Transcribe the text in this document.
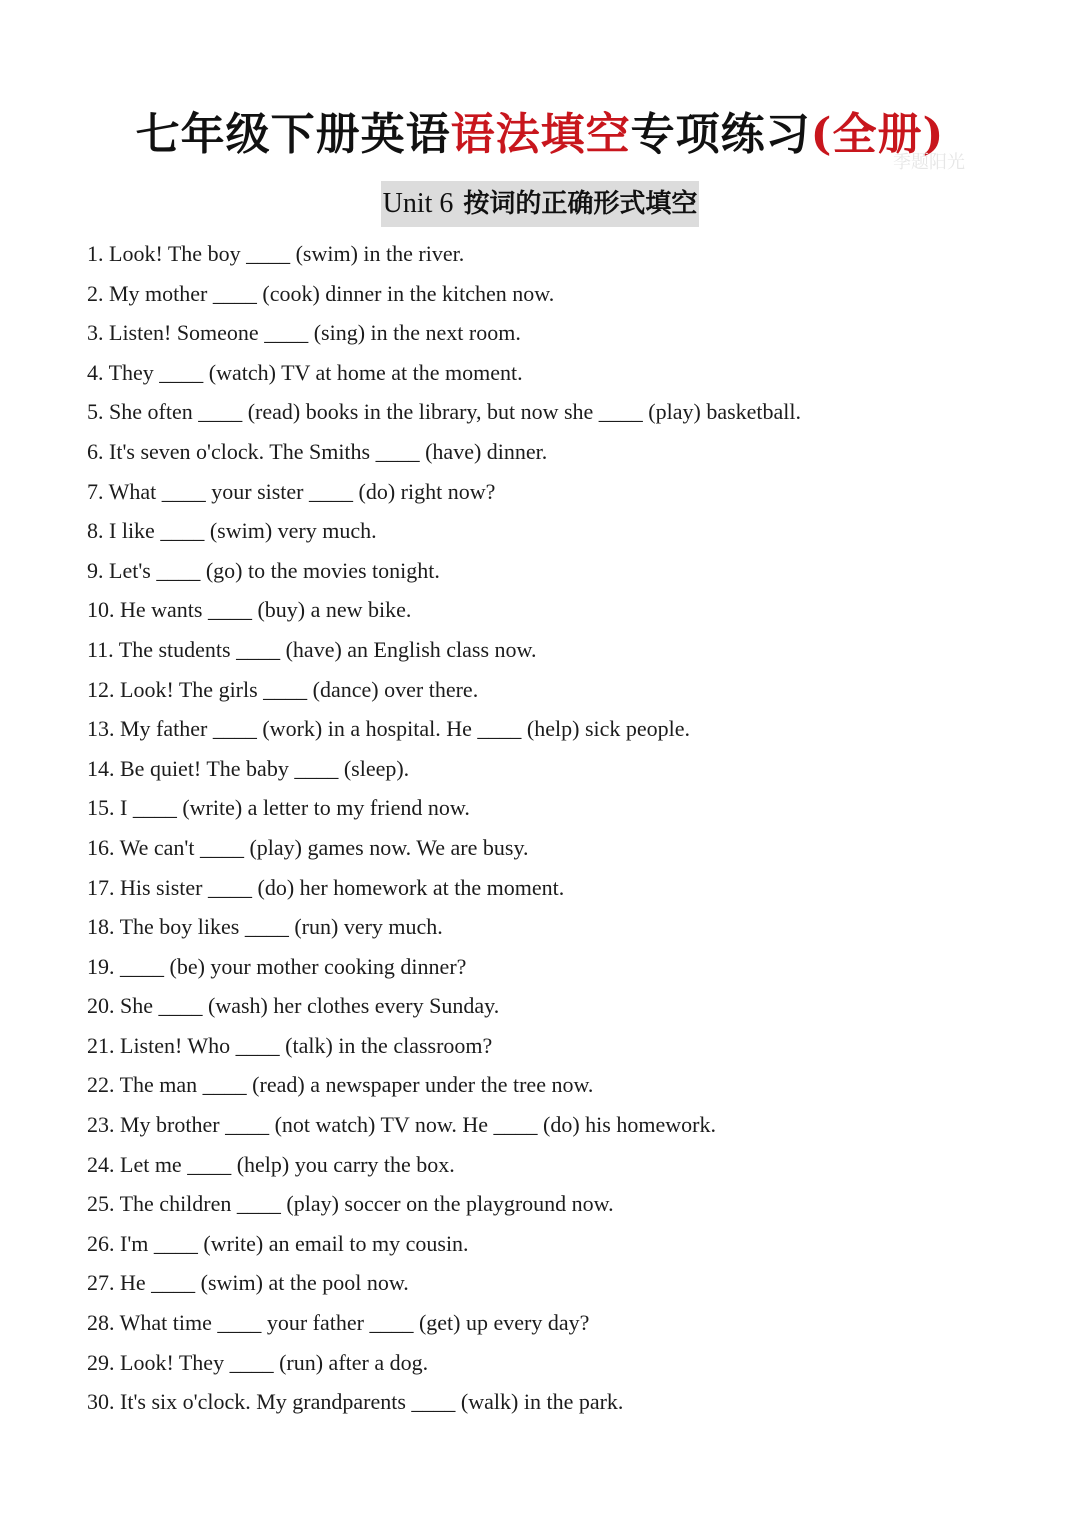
七年级下册英语语法填空专项练习(全册)
季题阳光
Unit 6 按词的正确形式填空
1. Look! The boy ____ (swim) in the river.
2. My mother ____ (cook) dinner in the kitchen now.
3. Listen! Someone ____ (sing) in the next room.
4. They ____ (watch) TV at home at the moment.
5. She often ____ (read) books in the library, but now she ____ (play) basketball.
6. It's seven o'clock. The Smiths ____ (have) dinner.
7. What ____ your sister ____ (do) right now?
8. I like ____ (swim) very much.
9. Let's ____ (go) to the movies tonight.
10. He wants ____ (buy) a new bike.
11. The students ____ (have) an English class now.
12. Look! The girls ____ (dance) over there.
13. My father ____ (work) in a hospital. He ____ (help) sick people.
14. Be quiet! The baby ____ (sleep).
15. I ____ (write) a letter to my friend now.
16. We can't ____ (play) games now. We are busy.
17. His sister ____ (do) her homework at the moment.
18. The boy likes ____ (run) very much.
19. ____ (be) your mother cooking dinner?
20. She ____ (wash) her clothes every Sunday.
21. Listen! Who ____ (talk) in the classroom?
22. The man ____ (read) a newspaper under the tree now.
23. My brother ____ (not watch) TV now. He ____ (do) his homework.
24. Let me ____ (help) you carry the box.
25. The children ____ (play) soccer on the playground now.
26. I'm ____ (write) an email to my cousin.
27. He ____ (swim) at the pool now.
28. What time ____ your father ____ (get) up every day?
29. Look! They ____ (run) after a dog.
30. It's six o'clock. My grandparents ____ (walk) in the park.
